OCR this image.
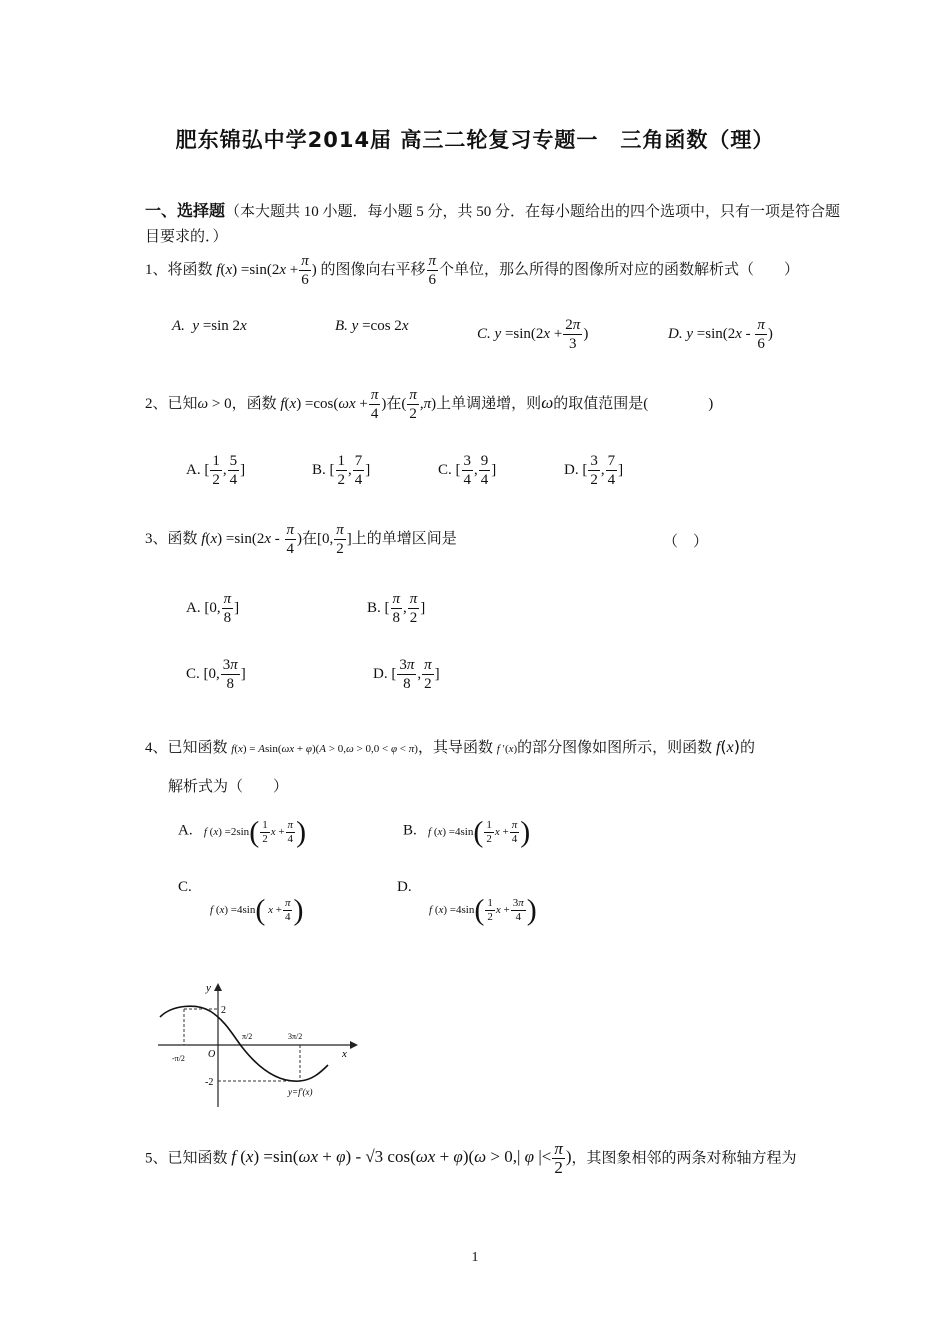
肥东锦弘中学2014届 高三二轮复习专题一　三角函数（理）
一、选择题（本大题共 10 小题．每小题 5 分，共 50 分．在每小题给出的四个选项中，只有一项是符合题
目要求的．）
1、将函数 $f(x) =\sin(2x + \frac{\pi}{6}$ ) 的图像向右平移 $\frac{\pi}{6}$ 个单位，那么所得的图像所对应的函数解析式（　　）
A. y =sin 2x	B. y =cos 2x	C. $y =\sin(2x + \frac{2\pi}{3}$ )	D. $y =\sin(2x - \frac{\pi}{6}$ )
2、已知ω > 0，函数 $f(x) =\cos(\omega x + \frac{\pi}{4}$ )在( $\frac{\pi}{2} ,\pi$)上单调递增，则ω的取值范围是(　　　　)
A. [ $\frac{1}{2}$ , $\frac{5}{4}$ ]	B. [ $\frac{1}{2}$ , $\frac{7}{4}$ ]	C. [ $\frac{3}{4}$ , $\frac{9}{4}$ ]	D. [ $\frac{3}{2}$ , $\frac{7}{4}$ ]
3、函数 $f(x) =\sin(2x - \frac{\pi}{4}$ )在[0, $\frac{\pi}{2}$ ]上的单增区间是	（　）
A. [0, $\frac{\pi}{8}$ ]	B. [ $\frac{\pi}{8}$ , $\frac{\pi}{2}$ ]
C. [0, $\frac{3\pi}{8}$ ]	D. [ $\frac{3\pi}{8}$ , $\frac{\pi}{2}$ ]
4、已知函数 f(x) = Asin(ωx + φ)(A > 0,ω > 0,0 < φ < π)，其导函数 f ′(x)的部分图像如图所示，则函数 f(x)的
解析式为（　　）
A. f $(x) =2\sin( \frac{1}{2}$ $x + \frac{\pi}{4}$ )	B. f $(x) =4\sin( \frac{1}{2}$ $x + \frac{\pi}{4}$ )
C.
f (x) =4sin( $x + \frac{\pi}{4}$ )
D.
f $(x) =4\sin( \frac{1}{2}$ $x + \frac{3\pi}{4}$ )
y
x
O
2
-2
-π/2
π/2	3π/2
y=f′(x)
5、已知函数 f (x) =sin(ωx + φ) - √3 cos(ωx + φ)(ω > 0,| φ |< $\frac{\pi}{2}$ )，其图象相邻的两条对称轴方程为
1
